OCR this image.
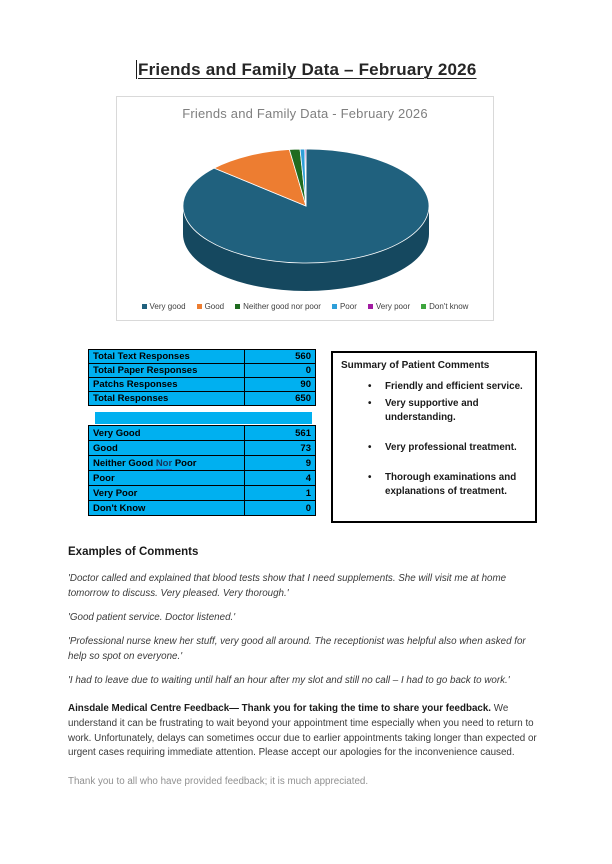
Friends and Family Data – February 2026
Friends and Family Data - February 2026
Very good Good Neither good nor poor Poor Very poor Don't know
Total Text Responses	560
Total Paper Responses	0
Patchs Responses	90
Total Responses	650
Very Good	561
Good	73
Neither Good Nor Poor	9
Poor	4
Very Poor	1
Don't Know	0
Summary of Patient Comments
• Friendly and efficient service.
• Very supportive and understanding.
• Very professional treatment.
• Thorough examinations and explanations of treatment.
Examples of Comments

'Doctor called and explained that blood tests show that I need supplements. She will visit me at home tomorrow to discuss. Very pleased. Very thorough.'

'Good patient service. Doctor listened.'

'Professional nurse knew her stuff, very good all around. The receptionist was helpful also when asked for help so spot on everyone.'

'I had to leave due to waiting until half an hour after my slot and still no call – I had to go back to work.'

Ainsdale Medical Centre Feedback— Thank you for taking the time to share your feedback. We understand it can be frustrating to wait beyond your appointment time especially when you need to return to work. Unfortunately, delays can sometimes occur due to earlier appointments taking longer than expected or urgent cases requiring immediate attention. Please accept our apologies for the inconvenience caused.

Thank you to all who have provided feedback; it is much appreciated.
